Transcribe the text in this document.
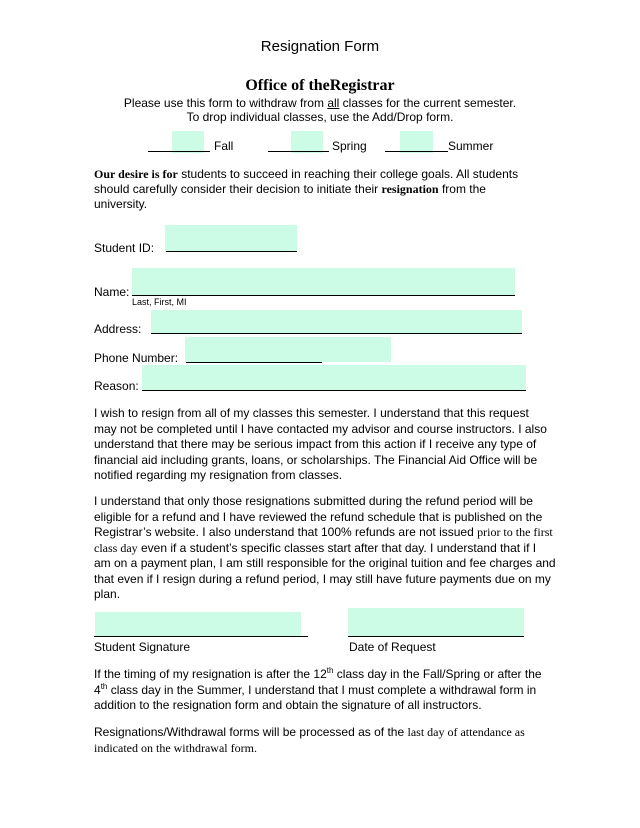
Resignation Form
Office of theRegistrar
Please use this form to withdraw from all classes for the current semester.
To drop individual classes, use the Add/Drop form.
Fall	Spring	Summer

Our desire is for students to succeed in reaching their college goals. All students

should carefully consider their decision to initiate their resignation from the

university.

Student ID:
Name:
Last, First, MI
Address:
Phone Number:
Reason:

I wish to resign from all of my classes this semester. I understand that this request

may not be completed until I have contacted my advisor and course instructors. I also

understand that there may be serious impact from this action if I receive any type of

financial aid including grants, loans, or scholarships. The Financial Aid Office will be

notified regarding my resignation from classes.

I understand that only those resignations submitted during the refund period will be

eligible for a refund and I have reviewed the refund schedule that is published on the

Registrar’s website. I also understand that 100% refunds are not issued prior to the first

class day even if a student’s specific classes start after that day. I understand that if I

am on a payment plan, I am still responsible for the original tuition and fee charges and

that even if I resign during a refund period, I may still have future payments due on my

plan.

Student Signature	Date of Request

If the timing of my resignation is after the 12th class day in the Fall/Spring or after the

4th class day in the Summer, I understand that I must complete a withdrawal form in

addition to the resignation form and obtain the signature of all instructors.

Resignations/Withdrawal forms will be processed as of the last day of attendance as

indicated on the withdrawal form.
